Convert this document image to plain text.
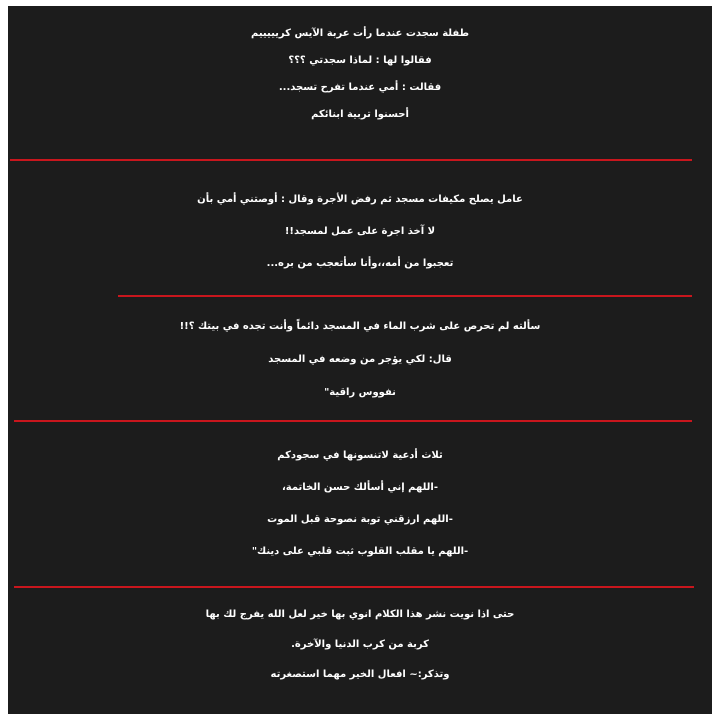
طفلة سجدت عندما رأت عربة الآيس كريييييم
فقالوا لها : لماذا سجدتي ؟؟؟
فقالت : أمي عندما تفرح تسجد...
أحسنوا تربية ابنائكم
عامل يصلح مكيفات مسجد ثم رفض الأجرة وقال : أوصتني أمي بأن
لا آخذ اجرة على عمل لمسجد!!
تعجبوا من أمه،،وأنا سأتعجب من بره...
سألته لم تحرص على شرب الماء في المسجد دائماً وأنت تجده في بيتك ؟!!
قال: لكي يؤجر من وضعه في المسجد
نفووس راقية"
ثلاث أدعية لاتنسونها في سجودكم
-اللهم إني أسألك حسن الخاتمة،
-اللهم ارزقني توبة نصوحة قبل الموت
-اللهم يا مقلب القلوب ثبت قلبي على دينك"
حتى اذا نويت نشر هذا الكلام انوي بها خير لعل الله يفرج لك بها
كربة من كرب الدنيا والآخرة.
وتذكر:~ افعال الخير مهما استصغرته
